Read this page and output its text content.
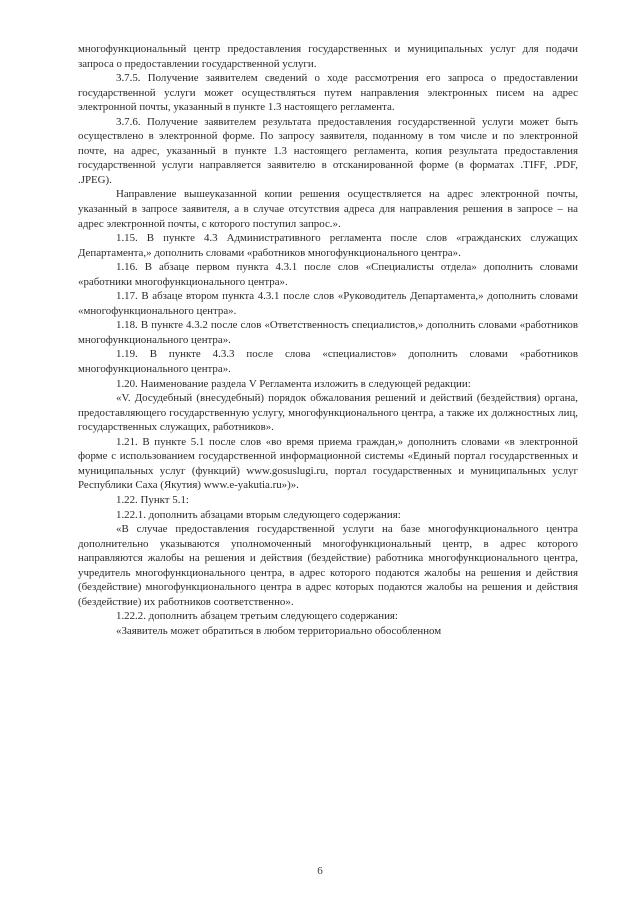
многофункциональный центр предоставления государственных и муниципальных услуг для подачи запроса о предоставлении государственной услуги.

3.7.5. Получение заявителем сведений о ходе рассмотрения его запроса о предоставлении государственной услуги может осуществляться путем направления электронных писем на адрес электронной почты, указанный в пункте 1.3 настоящего регламента.

3.7.6. Получение заявителем результата предоставления государственной услуги может быть осуществлено в электронной форме. По запросу заявителя, поданному в том числе и по электронной почте, на адрес, указанный в пункте 1.3 настоящего регламента, копия результата предоставления государственной услуги направляется заявителю в отсканированной форме (в форматах .TIFF, .PDF, .JPEG).

Направление вышеуказанной копии решения осуществляется на адрес электронной почты, указанный в запросе заявителя, а в случае отсутствия адреса для направления решения в запросе – на адрес электронной почты, с которого поступил запрос.».

1.15. В пункте 4.3 Административного регламента после слов «гражданских служащих Департамента,» дополнить словами «работников многофункционального центра».

1.16. В абзаце первом пункта 4.3.1 после слов «Специалисты отдела» дополнить словами «работники многофункционального центра».

1.17. В абзаце втором пункта 4.3.1 после слов «Руководитель Департамента,» дополнить словами «многофункционального центра».

1.18. В пункте 4.3.2 после слов «Ответственность специалистов,» дополнить словами «работников многофункционального центра».

1.19. В пункте 4.3.3 после слова «специалистов» дополнить словами «работников многофункционального центра».

1.20. Наименование раздела V Регламента изложить в следующей редакции:

«V. Досудебный (внесудебный) порядок обжалования решений и действий (бездействия) органа, предоставляющего государственную услугу, многофункционального центра, а также их должностных лиц, государственных служащих, работников».

1.21. В пункте 5.1 после слов «во время приема граждан,» дополнить словами «в электронной форме с использованием государственной информационной системы «Единый портал государственных и муниципальных услуг (функций) www.gosuslugi.ru, портал государственных и муниципальных услуг Республики Саха (Якутия) www.e-yakutia.ru»)».

1.22. Пункт 5.1:

1.22.1. дополнить абзацами вторым следующего содержания:

«В случае предоставления государственной услуги на базе многофункционального центра дополнительно указываются уполномоченный многофункциональный центр, в адрес которого направляются жалобы на решения и действия (бездействие) работника многофункционального центра, учредитель многофункционального центра, в адрес которого подаются жалобы на решения и действия (бездействие) многофункционального центра в адрес которых подаются жалобы на решения и действия (бездействие) их работников соответственно».

1.22.2. дополнить абзацем третьим следующего содержания:

«Заявитель может обратиться в любом территориально обособленном

6
